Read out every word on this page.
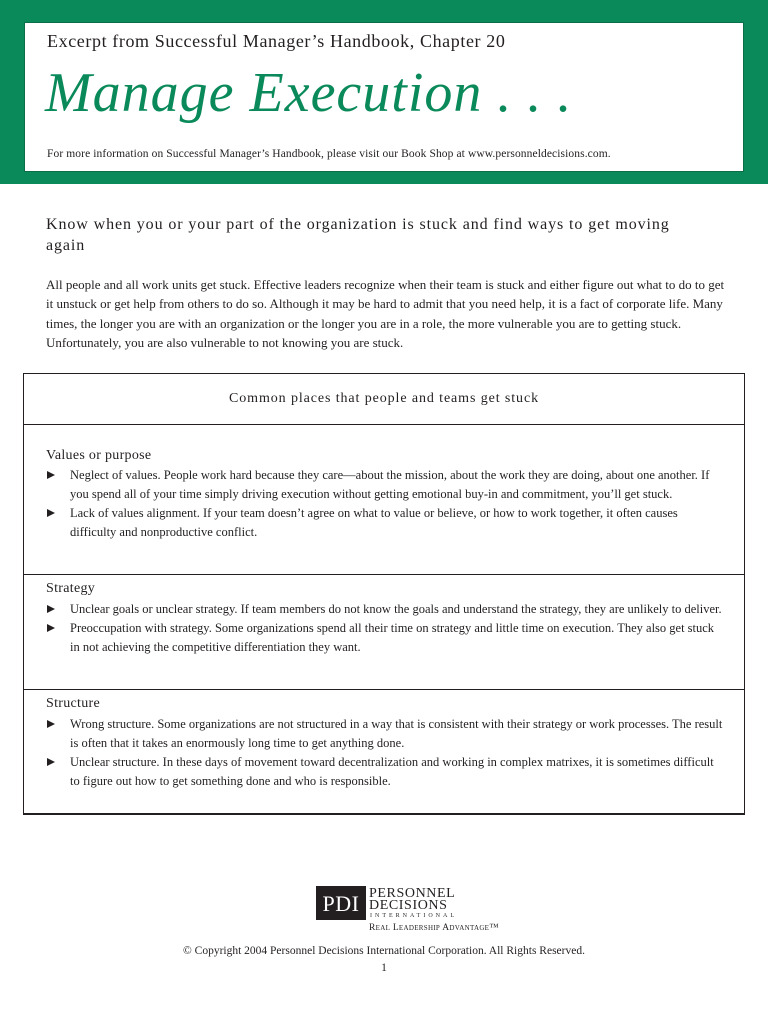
Excerpt from Successful Manager’s Handbook, Chapter 20
Manage Execution . . .
For more information on Successful Manager’s Handbook, please visit our Book Shop at www.personneldecisions.com.
Know when you or your part of the organization is stuck and find ways to get moving again
All people and all work units get stuck. Effective leaders recognize when their team is stuck and either figure out what to do to get it unstuck or get help from others to do so. Although it may be hard to admit that you need help, it is a fact of corporate life. Many times, the longer you are with an organization or the longer you are in a role, the more vulnerable you are to getting stuck. Unfortunately, you are also vulnerable to not knowing you are stuck.
Common places that people and teams get stuck
Values or purpose
Neglect of values. People work hard because they care—about the mission, about the work they are doing, about one another. If you spend all of your time simply driving execution without getting emotional buy-in and commitment, you’ll get stuck.
Lack of values alignment. If your team doesn’t agree on what to value or believe, or how to work together, it often causes difficulty and nonproductive conflict.
Strategy
Unclear goals or unclear strategy. If team members do not know the goals and understand the strategy, they are unlikely to deliver.
Preoccupation with strategy. Some organizations spend all their time on strategy and little time on execution. They also get stuck in not achieving the competitive differentiation they want.
Structure
Wrong structure. Some organizations are not structured in a way that is consistent with their strategy or work processes. The result is often that it takes an enormously long time to get anything done.
Unclear structure. In these days of movement toward decentralization and working in complex matrixes, it is sometimes difficult to figure out how to get something done and who is responsible.
PDI PERSONNEL
DECISIONS
INTERNATIONAL
Real Leadership Advantage™
© Copyright 2004 Personnel Decisions International Corporation. All Rights Reserved.
1
